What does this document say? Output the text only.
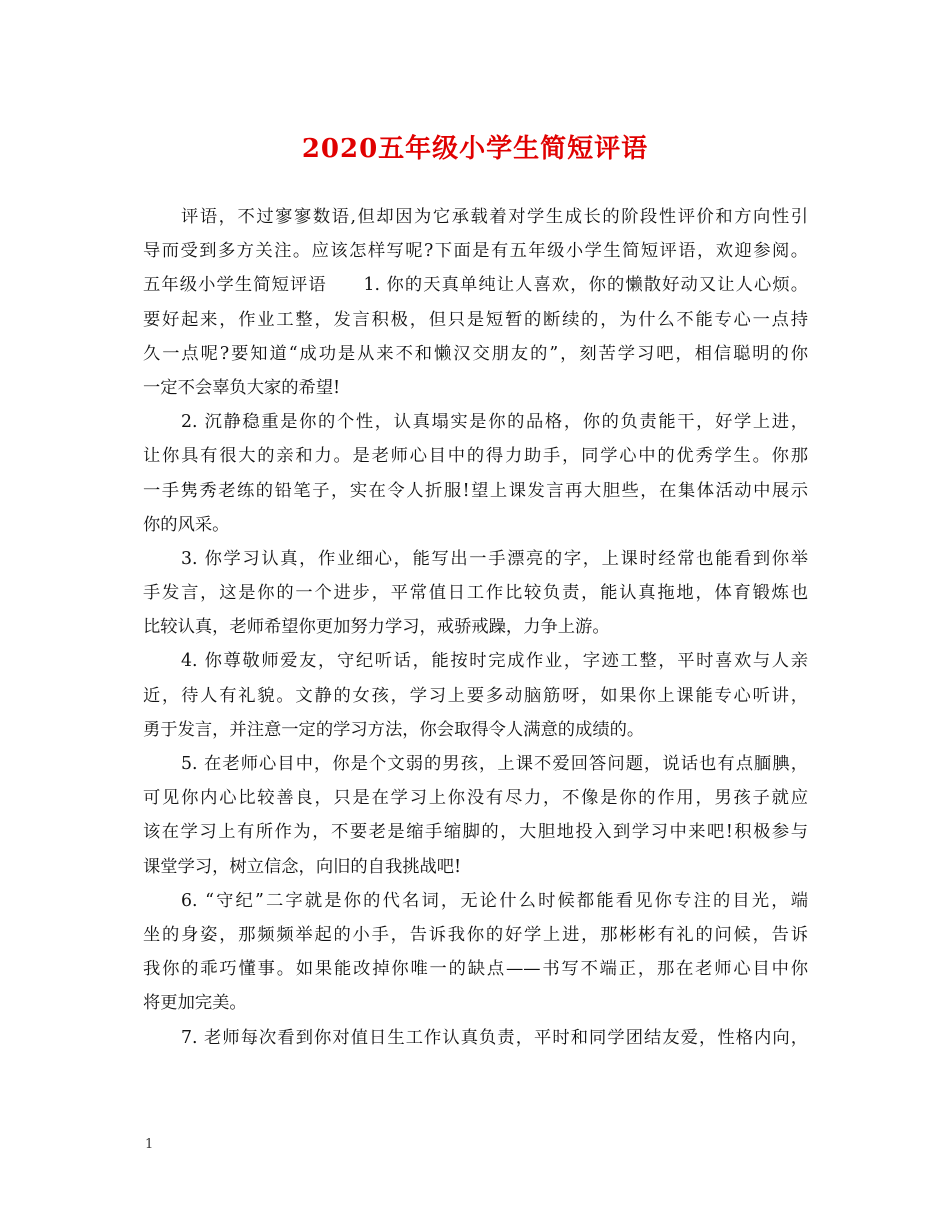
2020五年级小学生简短评语
评语，不过寥寥数语,但却因为它承载着对学生成长的阶段性评价和方向性引
导而受到多方关注。应该怎样写呢?下面是有五年级小学生简短评语，欢迎参阅。
五年级小学生简短评语　　1. 你的天真单纯让人喜欢，你的懒散好动又让人心烦。
要好起来，作业工整，发言积极，但只是短暂的断续的，为什么不能专心一点持
久一点呢?要知道“成功是从来不和懒汉交朋友的”，刻苦学习吧，相信聪明的你
一定不会辜负大家的希望!
2. 沉静稳重是你的个性，认真塌实是你的品格，你的负责能干，好学上进，
让你具有很大的亲和力。是老师心目中的得力助手，同学心中的优秀学生。你那
一手隽秀老练的铅笔子，实在令人折服!望上课发言再大胆些，在集体活动中展示
你的风采。
3. 你学习认真，作业细心，能写出一手漂亮的字，上课时经常也能看到你举
手发言，这是你的一个进步，平常值日工作比较负责，能认真拖地，体育锻炼也
比较认真，老师希望你更加努力学习，戒骄戒躁，力争上游。
4. 你尊敬师爱友，守纪听话，能按时完成作业，字迹工整，平时喜欢与人亲
近，待人有礼貌。文静的女孩，学习上要多动脑筋呀，如果你上课能专心听讲，
勇于发言，并注意一定的学习方法，你会取得令人满意的成绩的。
5. 在老师心目中，你是个文弱的男孩，上课不爱回答问题，说话也有点腼腆，
可见你内心比较善良，只是在学习上你没有尽力，不像是你的作用，男孩子就应
该在学习上有所作为，不要老是缩手缩脚的，大胆地投入到学习中来吧!积极参与
课堂学习，树立信念，向旧的自我挑战吧!
6. “守纪”二字就是你的代名词，无论什么时候都能看见你专注的目光，端
坐的身姿，那频频举起的小手，告诉我你的好学上进，那彬彬有礼的问候，告诉
我你的乖巧懂事。如果能改掉你唯一的缺点——书写不端正，那在老师心目中你
将更加完美。
7. 老师每次看到你对值日生工作认真负责，平时和同学团结友爱，性格内向，
1
